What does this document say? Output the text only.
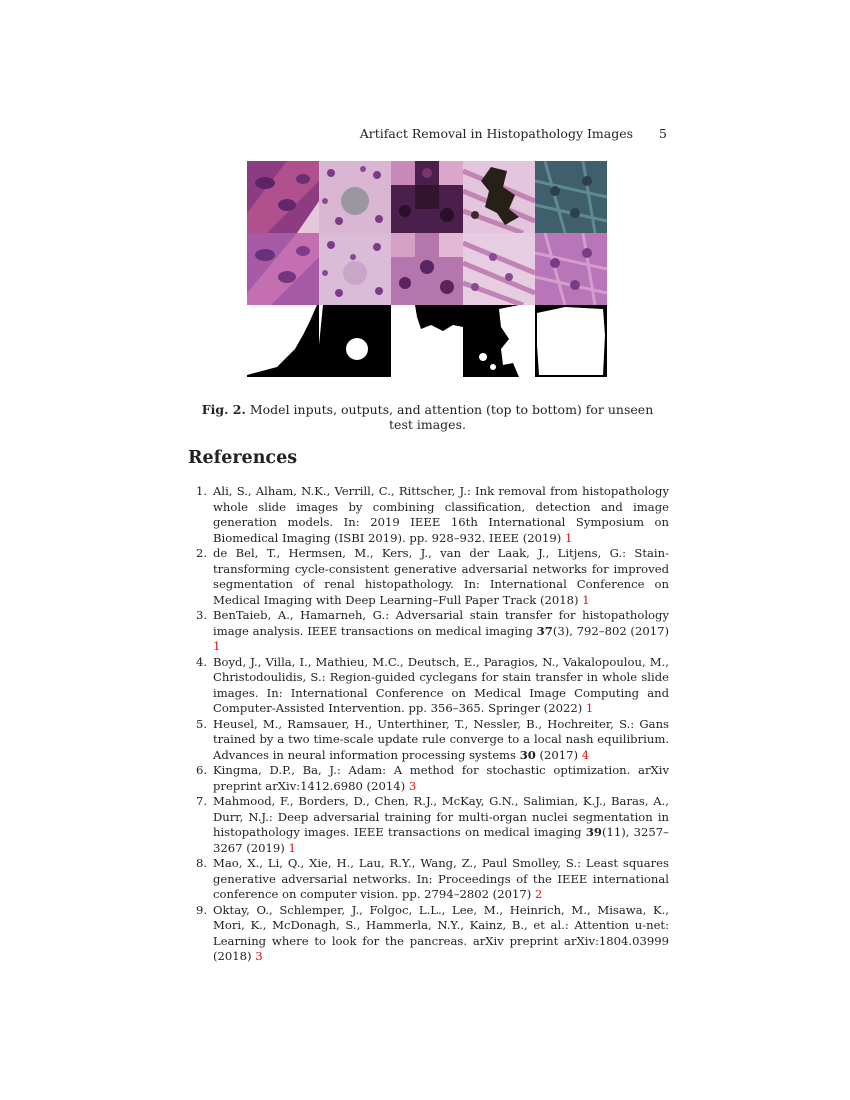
Artifact Removal in Histopathology Images 5
Fig. 2. Model inputs, outputs, and attention (top to bottom) for unseen test images.
References
1. Ali, S., Alham, N.K., Verrill, C., Rittscher, J.: Ink removal from histopathology whole slide images by combining classification, detection and image generation models. In: 2019 IEEE 16th International Symposium on Biomedical Imaging (ISBI 2019). pp. 928–932. IEEE (2019) 1
2. de Bel, T., Hermsen, M., Kers, J., van der Laak, J., Litjens, G.: Stain-transforming cycle-consistent generative adversarial networks for improved segmentation of renal histopathology. In: International Conference on Medical Imaging with Deep Learning–Full Paper Track (2018) 1
3. BenTaieb, A., Hamarneh, G.: Adversarial stain transfer for histopathology image analysis. IEEE transactions on medical imaging 37(3), 792–802 (2017) 1
4. Boyd, J., Villa, I., Mathieu, M.C., Deutsch, E., Paragios, N., Vakalopoulou, M., Christodoulidis, S.: Region-guided cyclegans for stain transfer in whole slide images. In: International Conference on Medical Image Computing and Computer-Assisted Intervention. pp. 356–365. Springer (2022) 1
5. Heusel, M., Ramsauer, H., Unterthiner, T., Nessler, B., Hochreiter, S.: Gans trained by a two time-scale update rule converge to a local nash equilibrium. Advances in neural information processing systems 30 (2017) 4
6. Kingma, D.P., Ba, J.: Adam: A method for stochastic optimization. arXiv preprint arXiv:1412.6980 (2014) 3
7. Mahmood, F., Borders, D., Chen, R.J., McKay, G.N., Salimian, K.J., Baras, A., Durr, N.J.: Deep adversarial training for multi-organ nuclei segmentation in histopathology images. IEEE transactions on medical imaging 39(11), 3257–3267 (2019) 1
8. Mao, X., Li, Q., Xie, H., Lau, R.Y., Wang, Z., Paul Smolley, S.: Least squares generative adversarial networks. In: Proceedings of the IEEE international conference on computer vision. pp. 2794–2802 (2017) 2
9. Oktay, O., Schlemper, J., Folgoc, L.L., Lee, M., Heinrich, M., Misawa, K., Mori, K., McDonagh, S., Hammerla, N.Y., Kainz, B., et al.: Attention u-net: Learning where to look for the pancreas. arXiv preprint arXiv:1804.03999 (2018) 3
